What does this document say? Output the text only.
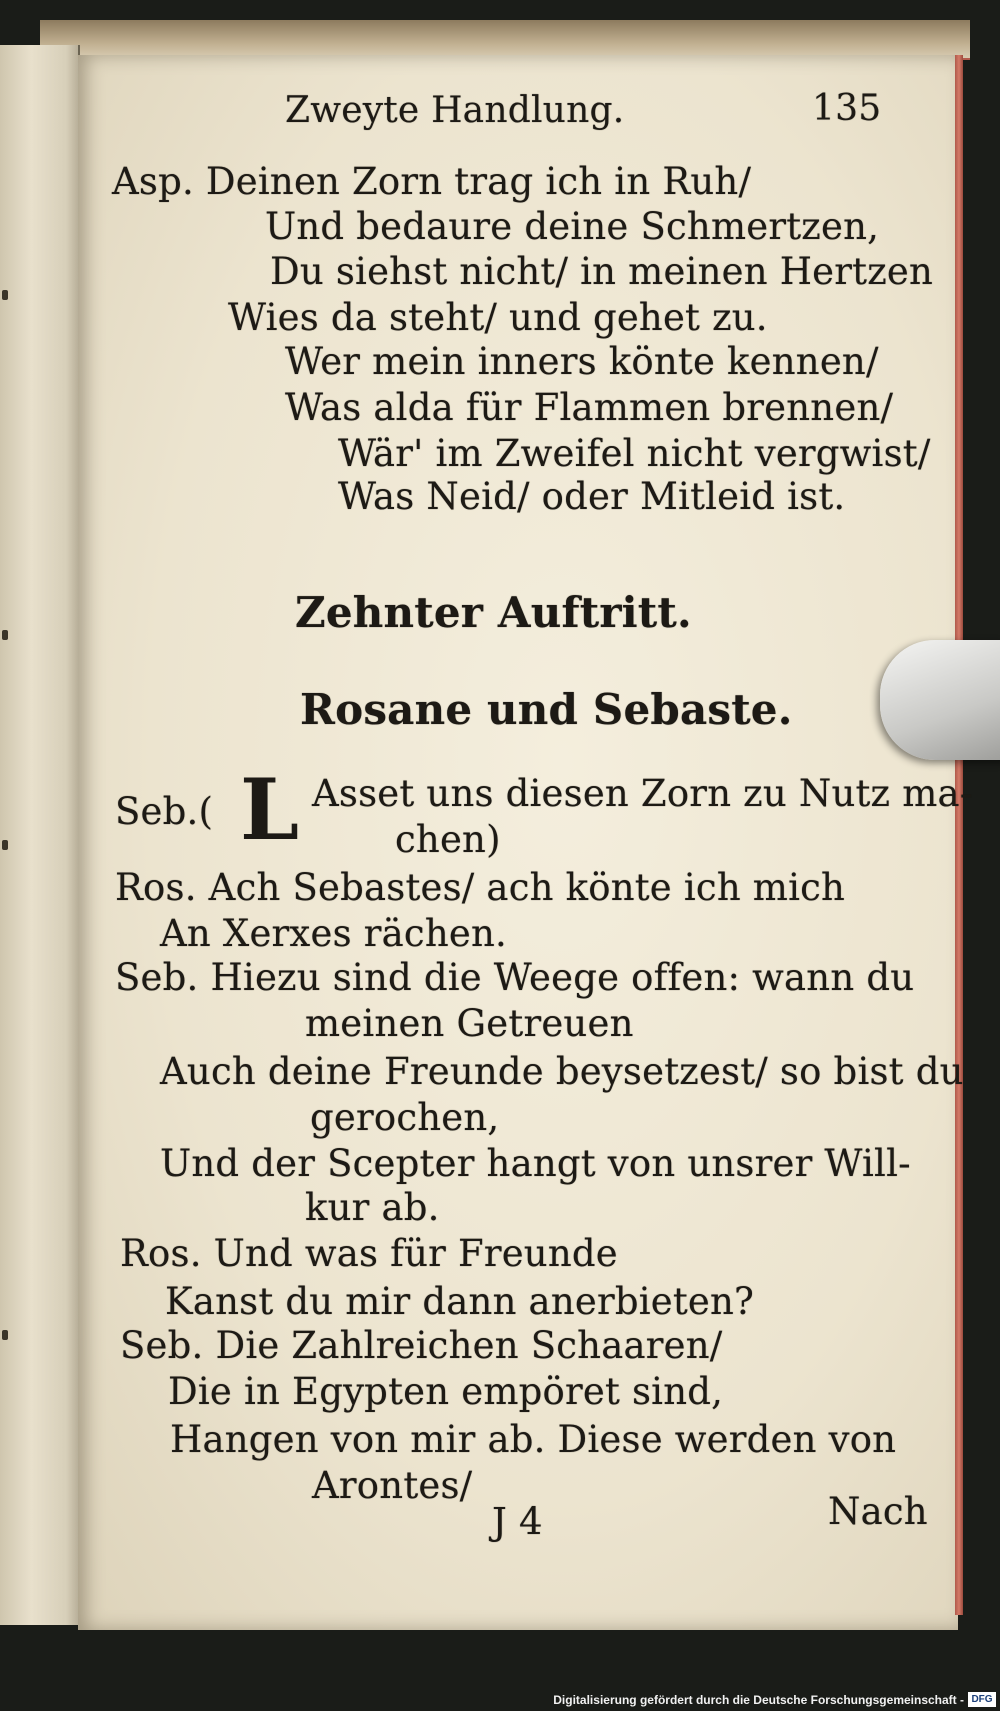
Zweyte Handlung.	135
Asp. Deinen Zorn trag ich in Ruh/
Und bedaure deine Schmertzen,
Du siehst nicht/ in meinen Hertzen
Wies da steht/ und gehet zu.
Wer mein inners könte kennen/
Was alda für Flammen brennen/
Wär' im Zweifel nicht vergwist/
Was Neid/ oder Mitleid ist.
Zehnter Auftritt.
Rosane und Sebaste.
Seb.( L Asset uns diesen Zorn zu Nutz ma-
chen)
Ros. Ach Sebastes/ ach könte ich mich
An Xerxes rächen.
Seb. Hiezu sind die Weege offen: wann du
meinen Getreuen
Auch deine Freunde beysetzest/ so bist du
gerochen,
Und der Scepter hangt von unsrer Will-
kur ab.
Ros. Und was für Freunde
Kanst du mir dann anerbieten?
Seb. Die Zahlreichen Schaaren/
Die in Egypten empöret sind,
Hangen von mir ab. Diese werden von
Arontes/
J 4	Nach
Digitalisierung gefördert durch die Deutsche Forschungsgemeinschaft - DFG
